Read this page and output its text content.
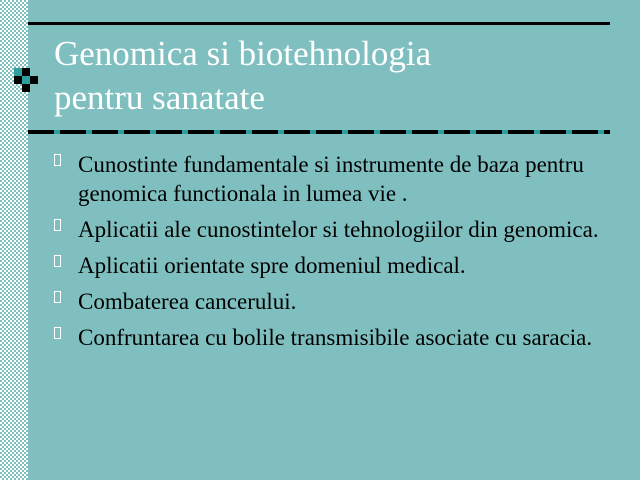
Genomica si biotehnologia
pentru sanatate
Cunostinte fundamentale si instrumente de baza pentru genomica functionala in lumea vie .
Aplicatii ale cunostintelor si tehnologiilor din genomica.
Aplicatii orientate spre domeniul medical.
Combaterea cancerului.
Confruntarea cu bolile transmisibile asociate cu saracia.
